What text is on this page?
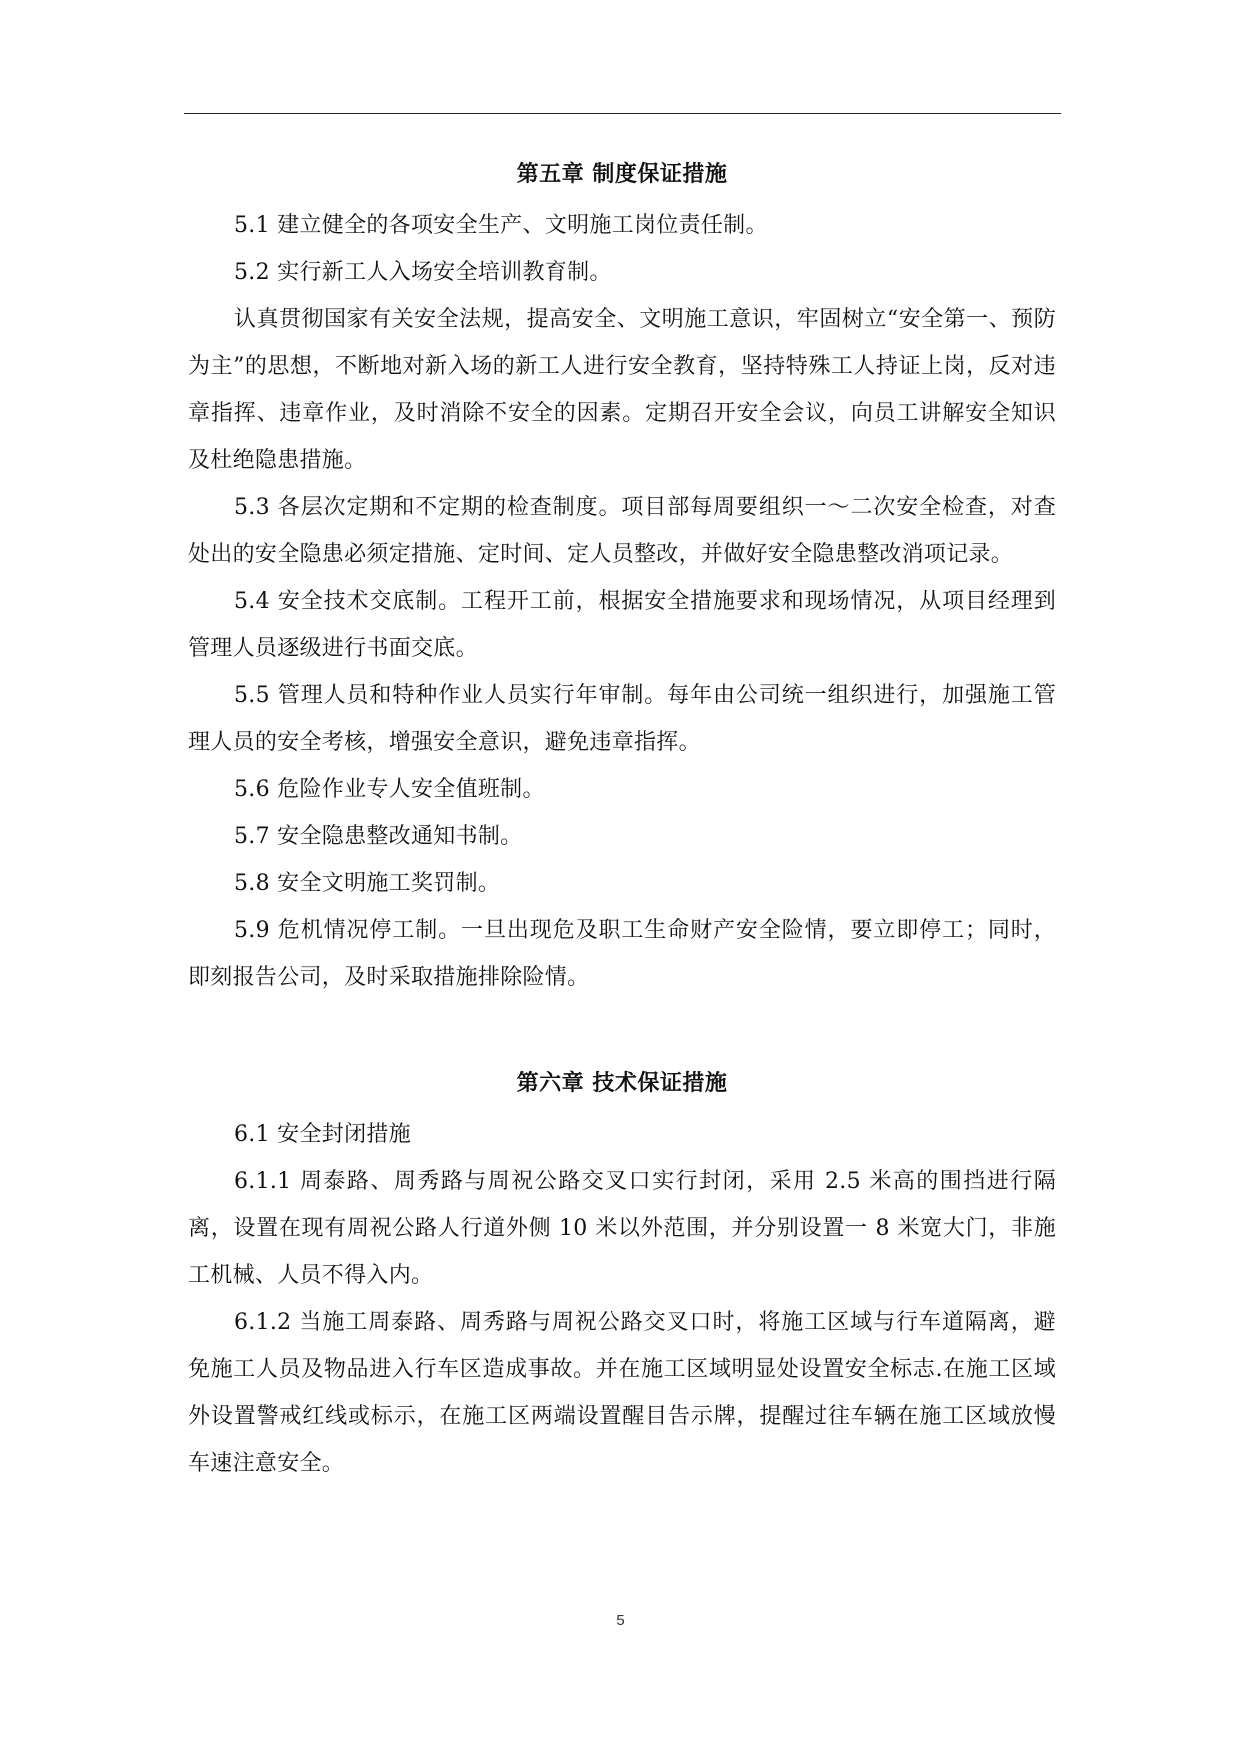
第五章 制度保证措施

5.1 建立健全的各项安全生产、文明施工岗位责任制。

5.2 实行新工人入场安全培训教育制。

认真贯彻国家有关安全法规，提高安全、文明施工意识，牢固树立“安全第一、预防为主”的思想，不断地对新入场的新工人进行安全教育，坚持特殊工人持证上岗，反对违章指挥、违章作业，及时消除不安全的因素。定期召开安全会议，向员工讲解安全知识及杜绝隐患措施。

5.3 各层次定期和不定期的检查制度。项目部每周要组织一～二次安全检查，对查处出的安全隐患必须定措施、定时间、定人员整改，并做好安全隐患整改消项记录。

5.4 安全技术交底制。工程开工前，根据安全措施要求和现场情况，从项目经理到管理人员逐级进行书面交底。

5.5 管理人员和特种作业人员实行年审制。每年由公司统一组织进行，加强施工管理人员的安全考核，增强安全意识，避免违章指挥。

5.6 危险作业专人安全值班制。

5.7 安全隐患整改通知书制。

5.8 安全文明施工奖罚制。

5.9 危机情况停工制。一旦出现危及职工生命财产安全险情，要立即停工；同时，即刻报告公司，及时采取措施排除险情。

第六章 技术保证措施

6.1 安全封闭措施

6.1.1 周泰路、周秀路与周祝公路交叉口实行封闭，采用 2.5 米高的围挡进行隔离，设置在现有周祝公路人行道外侧 10 米以外范围，并分别设置一 8 米宽大门，非施工机械、人员不得入内。

6.1.2 当施工周泰路、周秀路与周祝公路交叉口时，将施工区域与行车道隔离，避免施工人员及物品进入行车区造成事故。并在施工区域明显处设置安全标志.在施工区域外设置警戒红线或标示，在施工区两端设置醒目告示牌，提醒过往车辆在施工区域放慢车速注意安全。

5
